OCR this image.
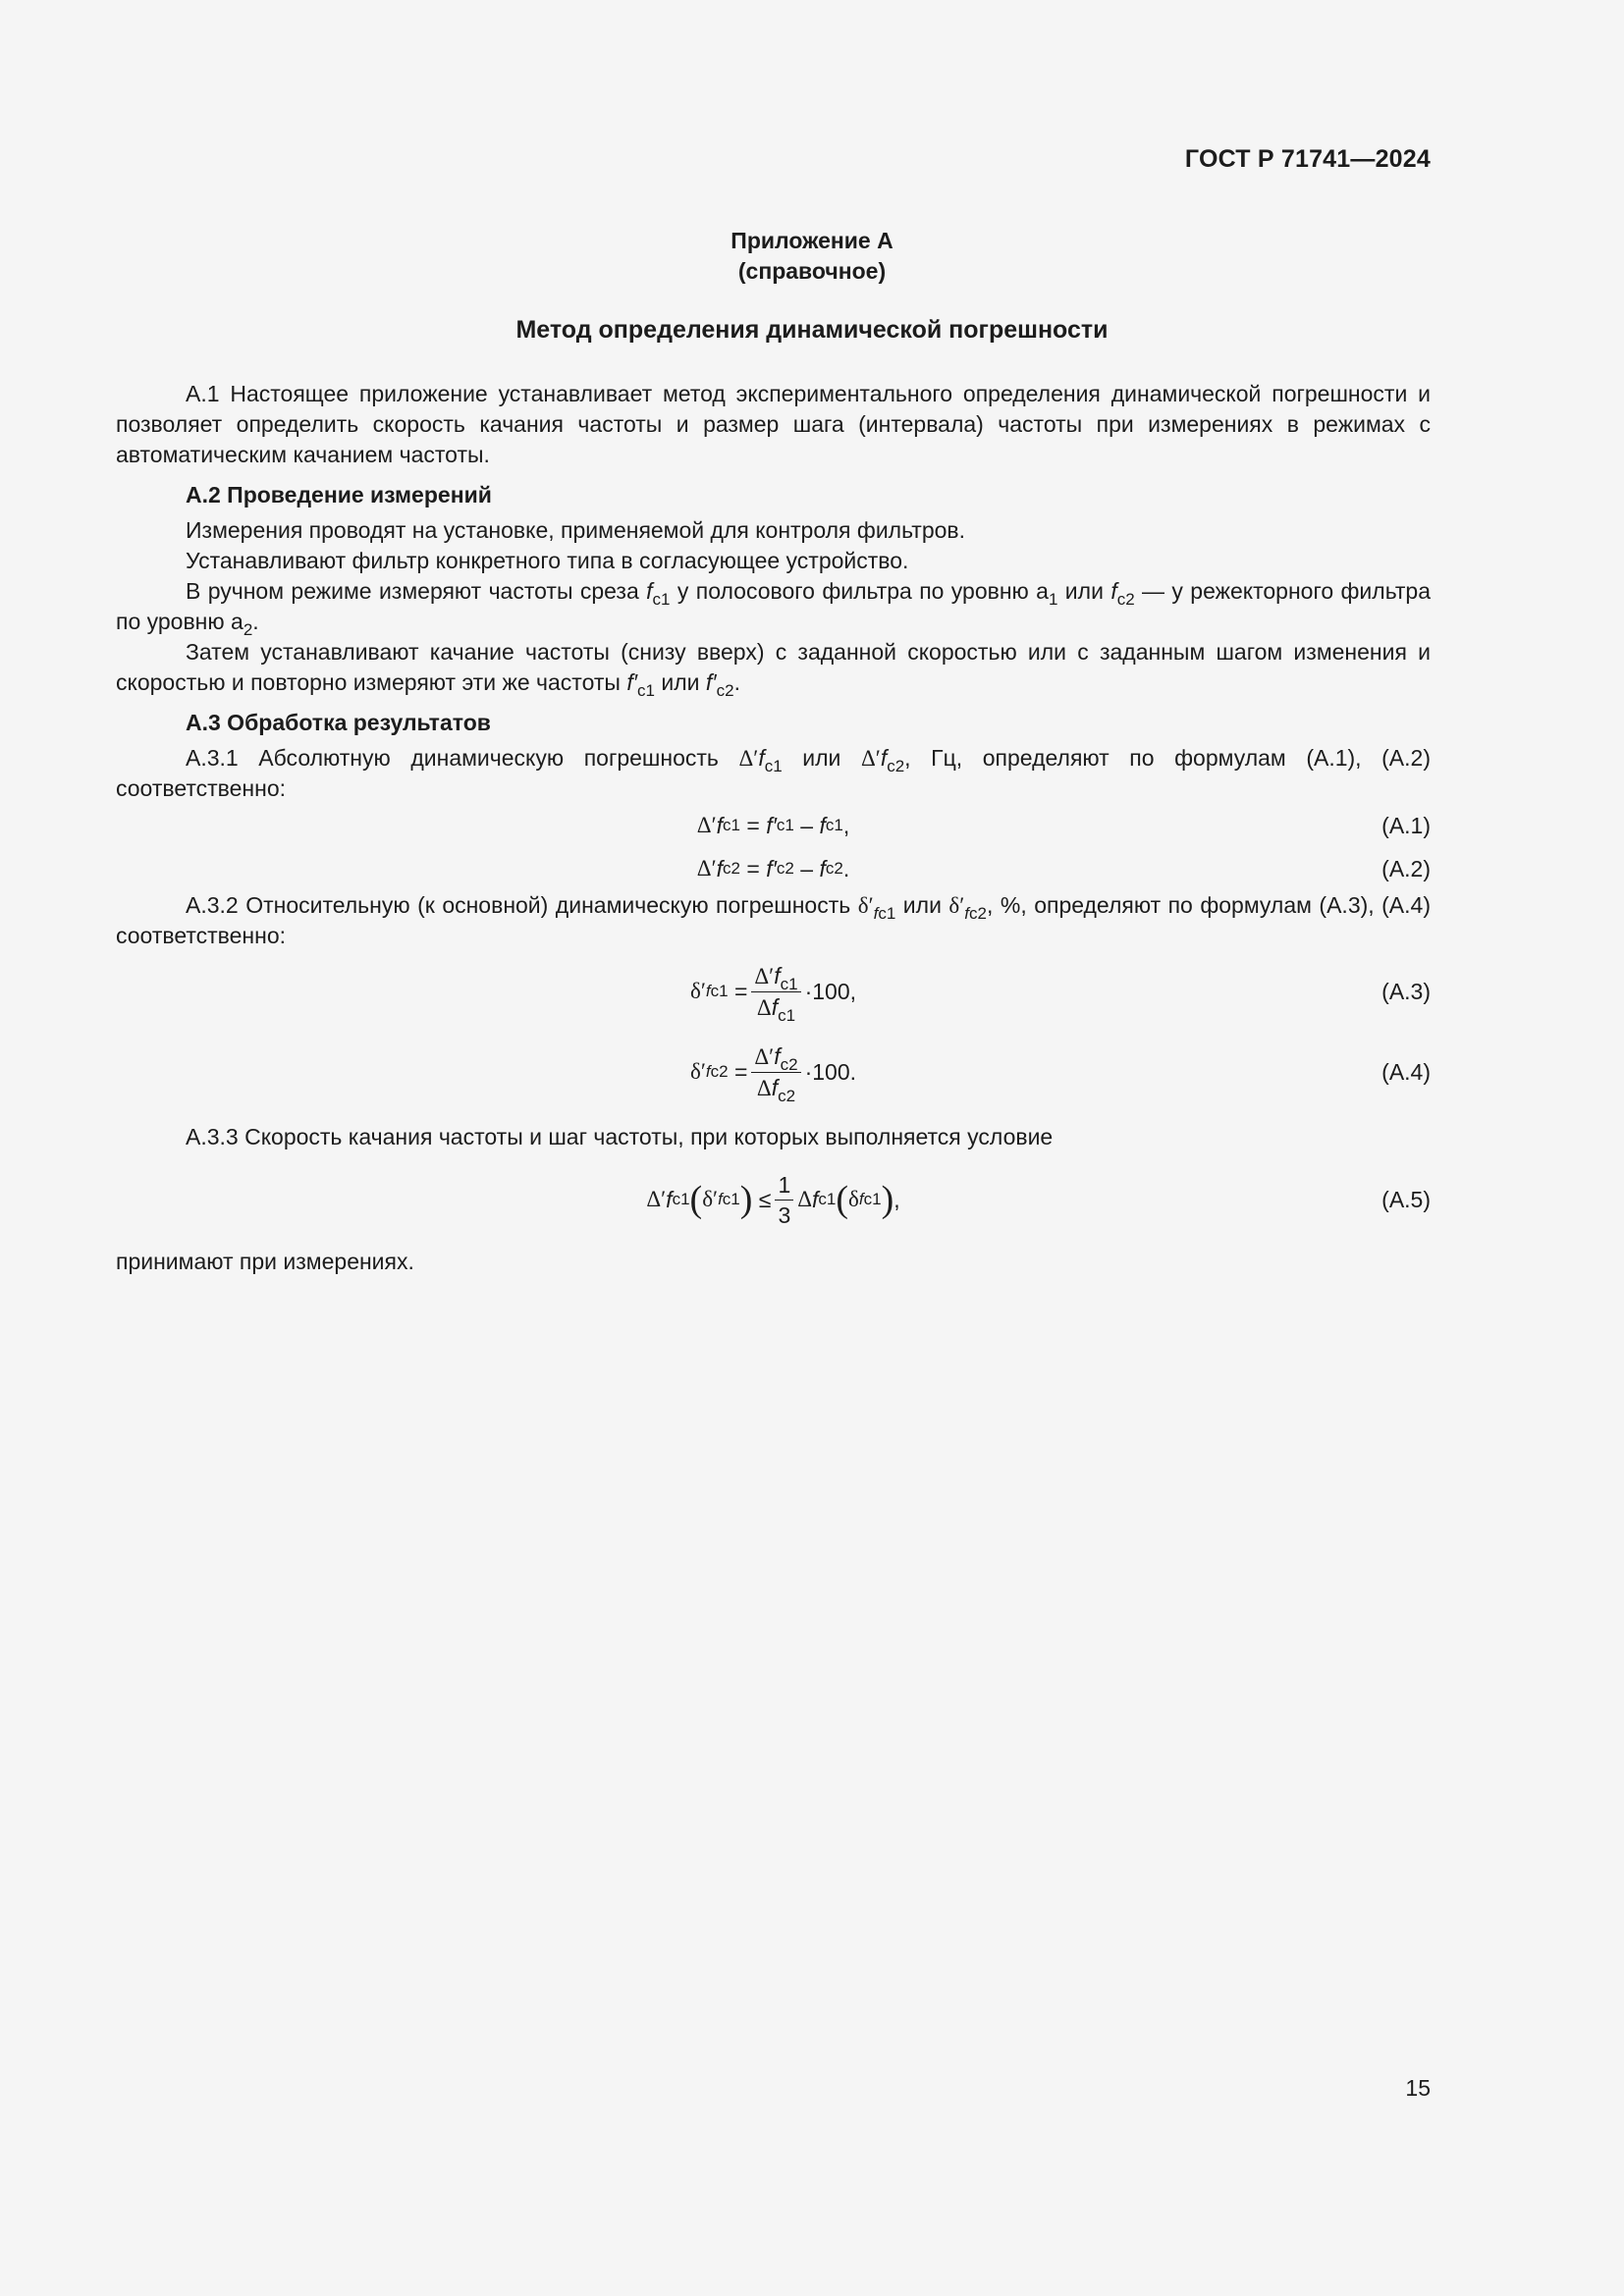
ГОСТ Р 71741—2024
Приложение А
(справочное)
Метод определения динамической погрешности

А.1 Настоящее приложение устанавливает метод экспериментального определения динамической погрешности и позволяет определить скорость качания частоты и размер шага (интервала) частоты при измерениях в режимах с автоматическим качанием частоты.

А.2 Проведение измерений

Измерения проводят на установке, применяемой для контроля фильтров.

Устанавливают фильтр конкретного типа в согласующее устройство.

В ручном режиме измеряют частоты среза $f_{c1}$ у полосового фильтра по уровню $a_1$ или $f_{c2}$ — у режекторного фильтра по уровню $a_2$.

Затем устанавливают качание частоты (снизу вверх) с заданной скоростью или с заданным шагом изменения и скоростью и повторно измеряют эти же частоты $f'_{c1}$ или $f'_{c2}$.

А.3 Обработка результатов

А.3.1 Абсолютную динамическую погрешность $\Delta'f_{c1}$ или $\Delta'f_{c2}$, Гц, определяют по формулам (А.1), (А.2) соответственно:

Δ′ f c1 = f′ c1 – f c1 ,	(А.1)
Δ′ f c2 = f′ c2 – f c2 .	(А.2)

А.3.2 Относительную (к основной) динамическую погрешность $\delta'_{fc1}$ или $\delta'_{fc2}$, %, определяют по формулам (А.3), (А.4) соответственно:

δ′ $fc1 = \frac{\Delta'f_{c1}}{\Delta f_{c1}} \cdot 100$ ,	(А.3)
δ′ $fc2 = \frac{\Delta'f_{c2}}{\Delta f_{c2}} \cdot 100$ .	(А.4)

А.3.3 Скорость качания частоты и шаг частоты, при которых выполняется условие

Δ′ f c1 ( δ′ fc1 ) ≤ $\frac{1}{3}$ Δ f c1 ( δ fc1 ) ,	(А.5)

принимают при измерениях.

15
